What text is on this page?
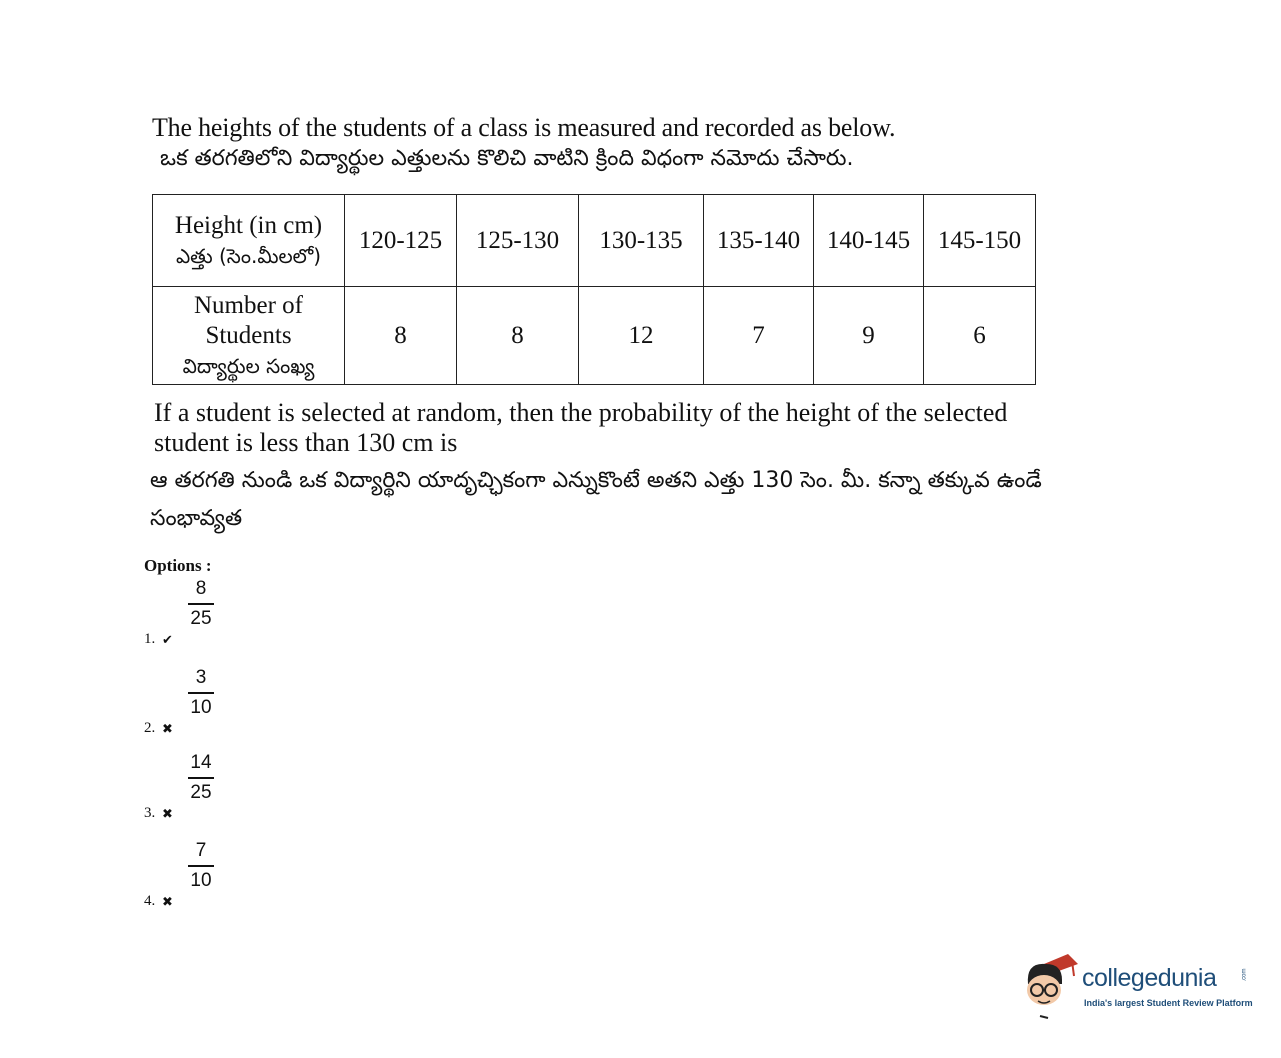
The heights of the students of a class is measured and recorded as below.
ఒక తరగతిలోని విద్యార్థుల ఎత్తులను కొలిచి వాటిని క్రింది విధంగా నమోదు చేసారు.
Height (in cm)
ఎత్తు (సెం.మీలలో)	120-125	125-130	130-135	135-140	140-145	145-150

Number of
Students
విద్యార్థుల సంఖ్య	8	8	12	7	9	6
If a student is selected at random, then the probability of the height of the selected student is less than 130 cm is
ఆ తరగతి నుండి ఒక విద్యార్థిని యాదృచ్ఛికంగా ఎన్నుకొంటే అతని ఎత్తు 130 సెం. మీ. కన్నా తక్కువ ఉండే సంభావ్యత
Options :
1. ✔
8
25
2. ✖
3
10
3. ✖
14
25
4. ✖
7
10
collegedunia	.com
India's largest Student Review Platform
